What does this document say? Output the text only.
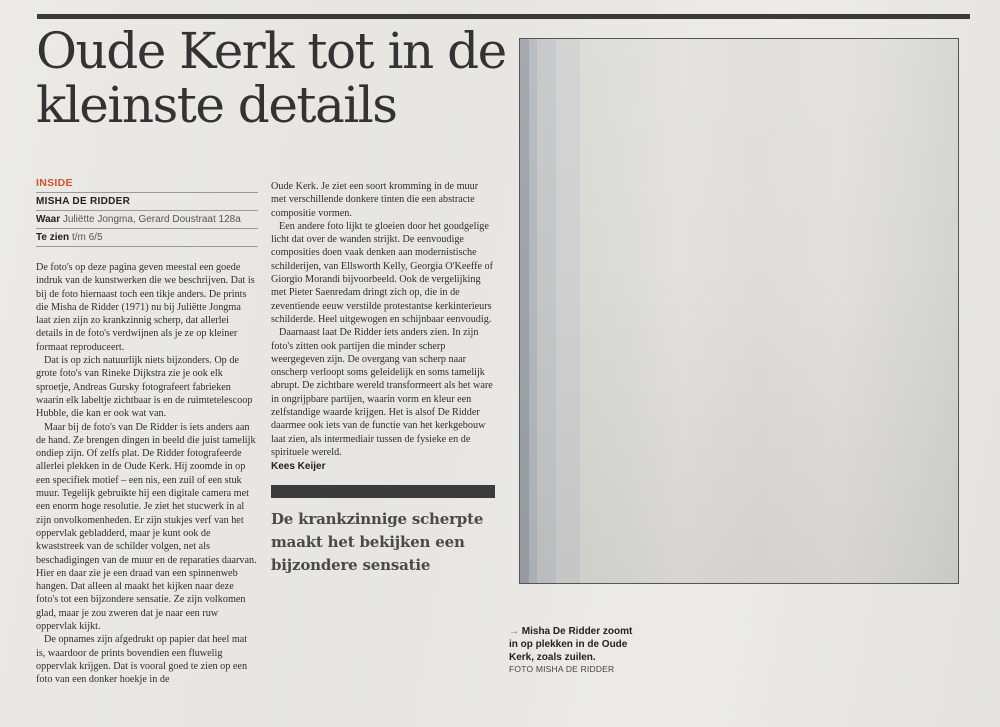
Oude Kerk tot in de kleinste details
INSIDE
MISHA DE RIDDER
Waar Juliëtte Jongma, Gerard Doustraat 128a
Te zien t/m 6/5

De foto's op deze pagina geven meestal een goede indruk van de kunstwerken die we beschrijven. Dat is bij de foto hiernaast toch een tikje anders. De prints die Misha de Ridder (1971) nu bij Juliëtte Jongma laat zien zijn zo krankzinnig scherp, dat allerlei details in de foto's verdwijnen als je ze op kleiner formaat reproduceert.

Dat is op zich natuurlijk niets bijzonders. Op de grote foto's van Rineke Dijkstra zie je ook elk sproetje, Andreas Gursky fotografeert fabrieken waarin elk labeltje zichtbaar is en de ruimtetelescoop Hubble, die kan er ook wat van.

Maar bij de foto's van De Ridder is iets anders aan de hand. Ze brengen dingen in beeld die juist tamelijk ondiep zijn. Of zelfs plat. De Ridder fotografeerde allerlei plekken in de Oude Kerk. Hij zoomde in op een specifiek motief – een nis, een zuil of een stuk muur. Tegelijk gebruikte hij een digitale camera met een enorm hoge resolutie. Je ziet het stucwerk in al zijn onvolkomenheden. Er zijn stukjes verf van het oppervlak gebladderd, maar je kunt ook de kwaststreek van de schilder volgen, net als beschadigingen van de muur en de reparaties daarvan. Hier en daar zie je een draad van een spinnenweb hangen. Dat alleen al maakt het kijken naar deze foto's tot een bijzondere sensatie. Ze zijn volkomen glad, maar je zou zweren dat je naar een ruw oppervlak kijkt.

De opnames zijn afgedrukt op papier dat heel mat is, waardoor de prints bovendien een fluwelig oppervlak krijgen. Dat is vooral goed te zien op een foto van een donker hoekje in de

Oude Kerk. Je ziet een soort kromming in de muur met verschillende donkere tinten die een abstracte compositie vormen.

Een andere foto lijkt te gloeien door het goudgelige licht dat over de wanden strijkt. De eenvoudige composities doen vaak denken aan modernistische schilderijen, van Ellsworth Kelly, Georgia O'Keeffe of Giorgio Morandi bijvoorbeeld. Ook de vergelijking met Pieter Saenredam dringt zich op, die in de zeventiende eeuw verstilde protestantse kerkinterieurs schilderde. Heel uitgewogen en schijnbaar eenvoudig.

Daarnaast laat De Ridder iets anders zien. In zijn foto's zitten ook partijen die minder scherp weergegeven zijn. De overgang van scherp naar onscherp verloopt soms geleidelijk en soms tamelijk abrupt. De zichtbare wereld transformeert als het ware in ongrijpbare partijen, waarin vorm en kleur een zelfstandige waarde krijgen. Het is alsof De Ridder daarmee ook iets van de functie van het kerkgebouw laat zien, als intermediair tussen de fysieke en de spirituele wereld.

Kees Keijer
De krankzinnige scherpte maakt het bekijken een bijzondere sensatie
→ Misha De Ridder zoomt in op plekken in de Oude Kerk, zoals zuilen.
FOTO MISHA DE RIDDER
